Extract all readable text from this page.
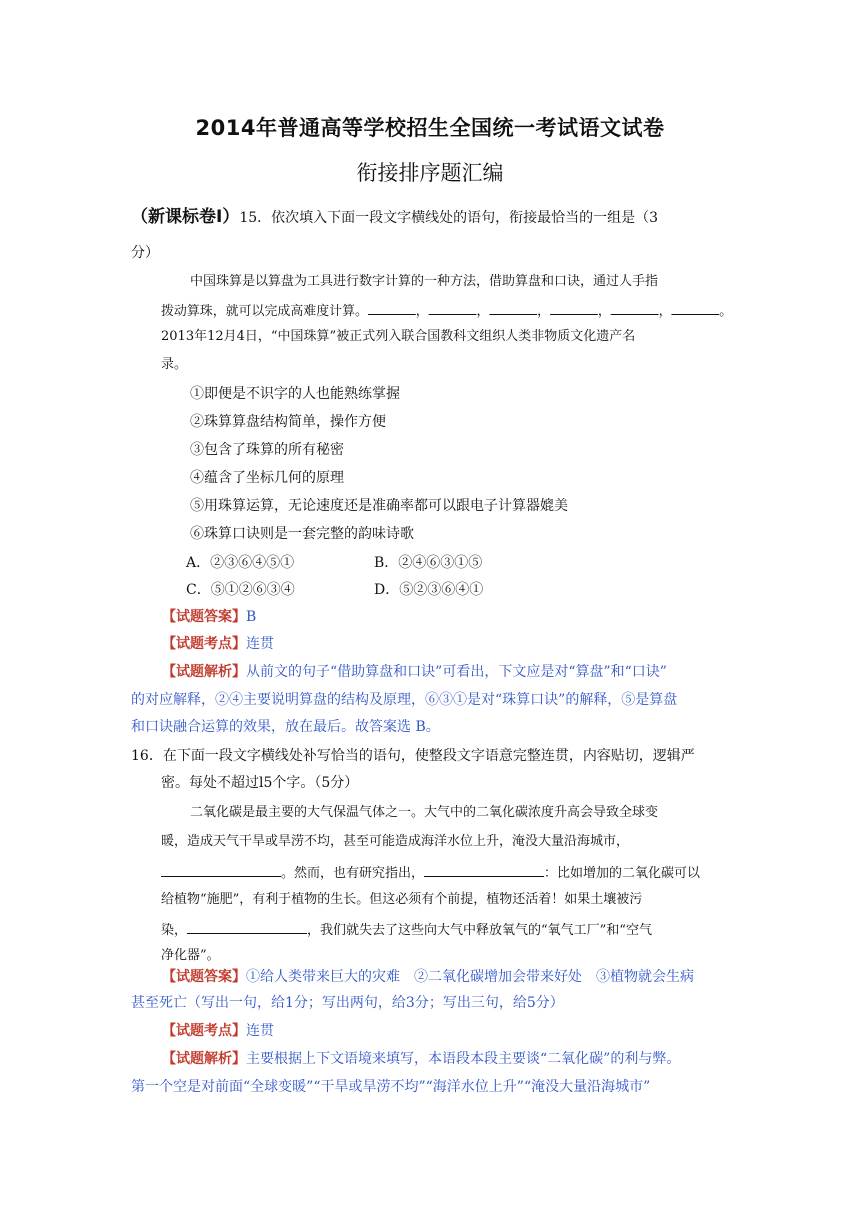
2014年普通高等学校招生全国统一考试语文试卷
衔接排序题汇编
（新课标卷Ⅰ）15．依次填入下面一段文字横线处的语句，衔接最恰当的一组是（3
分）
中国珠算是以算盘为工具进行数字计算的一种方法，借助算盘和口诀，通过人手指
拨动算珠，就可以完成高难度计算。	，	，	，	，	，	。
2013年12月4日，“中国珠算”被正式列入联合国教科文组织人类非物质文化遗产名
录。
①即便是不识字的人也能熟练掌握
②珠算算盘结构简单，操作方便
③包含了珠算的所有秘密
④蕴含了坐标几何的原理
⑤用珠算运算，无论速度还是准确率都可以跟电子计算器媲美
⑥珠算口诀则是一套完整的韵味诗歌
A．②③⑥④⑤①	B．②④⑥③①⑤
C．⑤①②⑥③④	D．⑤②③⑥④①
【试题答案】B
【试题考点】连贯
【试题解析】从前文的句子“借助算盘和口诀”可看出，下文应是对“算盘”和“口诀”
的对应解释，②④主要说明算盘的结构及原理，⑥③①是对“珠算口诀”的解释，⑤是算盘
和口诀融合运算的效果，放在最后。故答案选 B。
16．在下面一段文字横线处补写恰当的语句，使整段文字语意完整连贯，内容贴切，逻辑严
密。每处不超过l5个字。（5分）
二氧化碳是最主要的大气保温气体之一。大气中的二氧化碳浓度升高会导致全球变
暖，造成天气干旱或旱涝不均，甚至可能造成海洋水位上升，淹没大量沿海城市，
。然而，也有研究指出，	：比如增加的二氧化碳可以
给植物“施肥”，有利于植物的生长。但这必须有个前提，植物还活着！如果土壤被污
染，	，我们就失去了这些向大气中释放氧气的“氧气工厂”和“空气
净化器”。
【试题答案】①给人类带来巨大的灾难　②二氧化碳增加会带来好处　③植物就会生病
甚至死亡（写出一句，给1分；写出两句，给3分；写出三句，给5分）
【试题考点】连贯
【试题解析】主要根据上下文语境来填写，本语段本段主要谈“二氧化碳”的利与弊。
第一个空是对前面“全球变暖”“干旱或旱涝不均”“海洋水位上升”“淹没大量沿海城市”
